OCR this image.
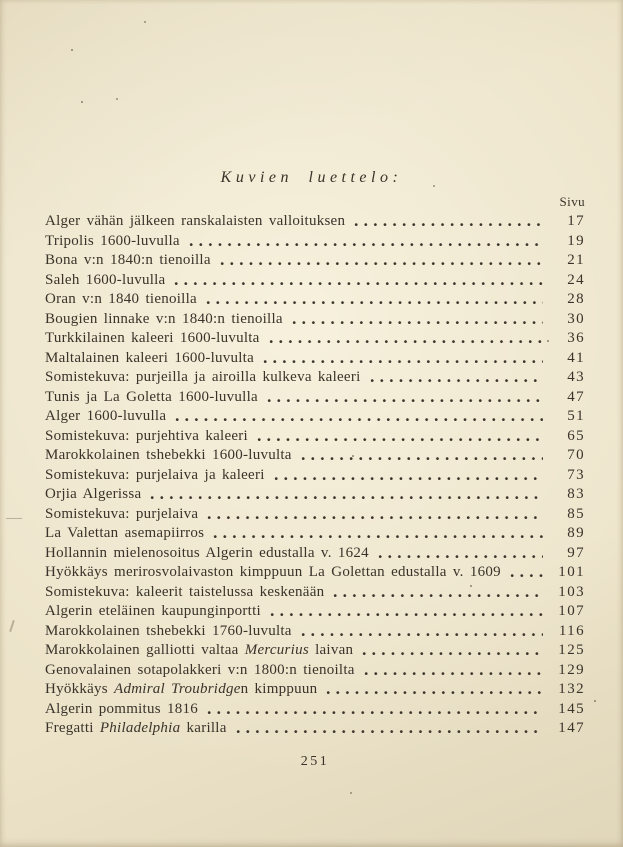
Kuvien luettelo:
Sivu
Alger vähän jälkeen ranskalaisten valloituksen	17
Tripolis 1600-luvulla	19
Bona v:n 1840:n tienoilla	21
Saleh 1600-luvulla	24
Oran v:n 1840 tienoilla	28
Bougien linnake v:n 1840:n tienoilla	30
Turkkilainen kaleeri 1600-luvulta	36
Maltalainen kaleeri 1600-luvulta	41
Somistekuva: purjeilla ja airoilla kulkeva kaleeri	43
Tunis ja La Goletta 1600-luvulla	47
Alger 1600-luvulla	51
Somistekuva: purjehtiva kaleeri	65
Marokkolainen tshebekki 1600-luvulta	70
Somistekuva: purjelaiva ja kaleeri	73
Orjia Algerissa	83
Somistekuva: purjelaiva	85
La Valettan asemapiirros	89
Hollannin mielenosoitus Algerin edustalla v. 1624	97
Hyökkäys merirosvolaivaston kimppuun La Golettan edustalla v. 1609	101
Somistekuva: kaleerit taistelussa keskenään	103
Algerin eteläinen kaupunginportti	107
Marokkolainen tshebekki 1760-luvulta	116
Marokkolainen galliotti valtaa Mercurius laivan	125
Genovalainen sotapolakkeri v:n 1800:n tienoilta	129
Hyökkäys Admiral Troubridgen kimppuun	132
Algerin pommitus 1816	145
Fregatti Philadelphia karilla	147
251
